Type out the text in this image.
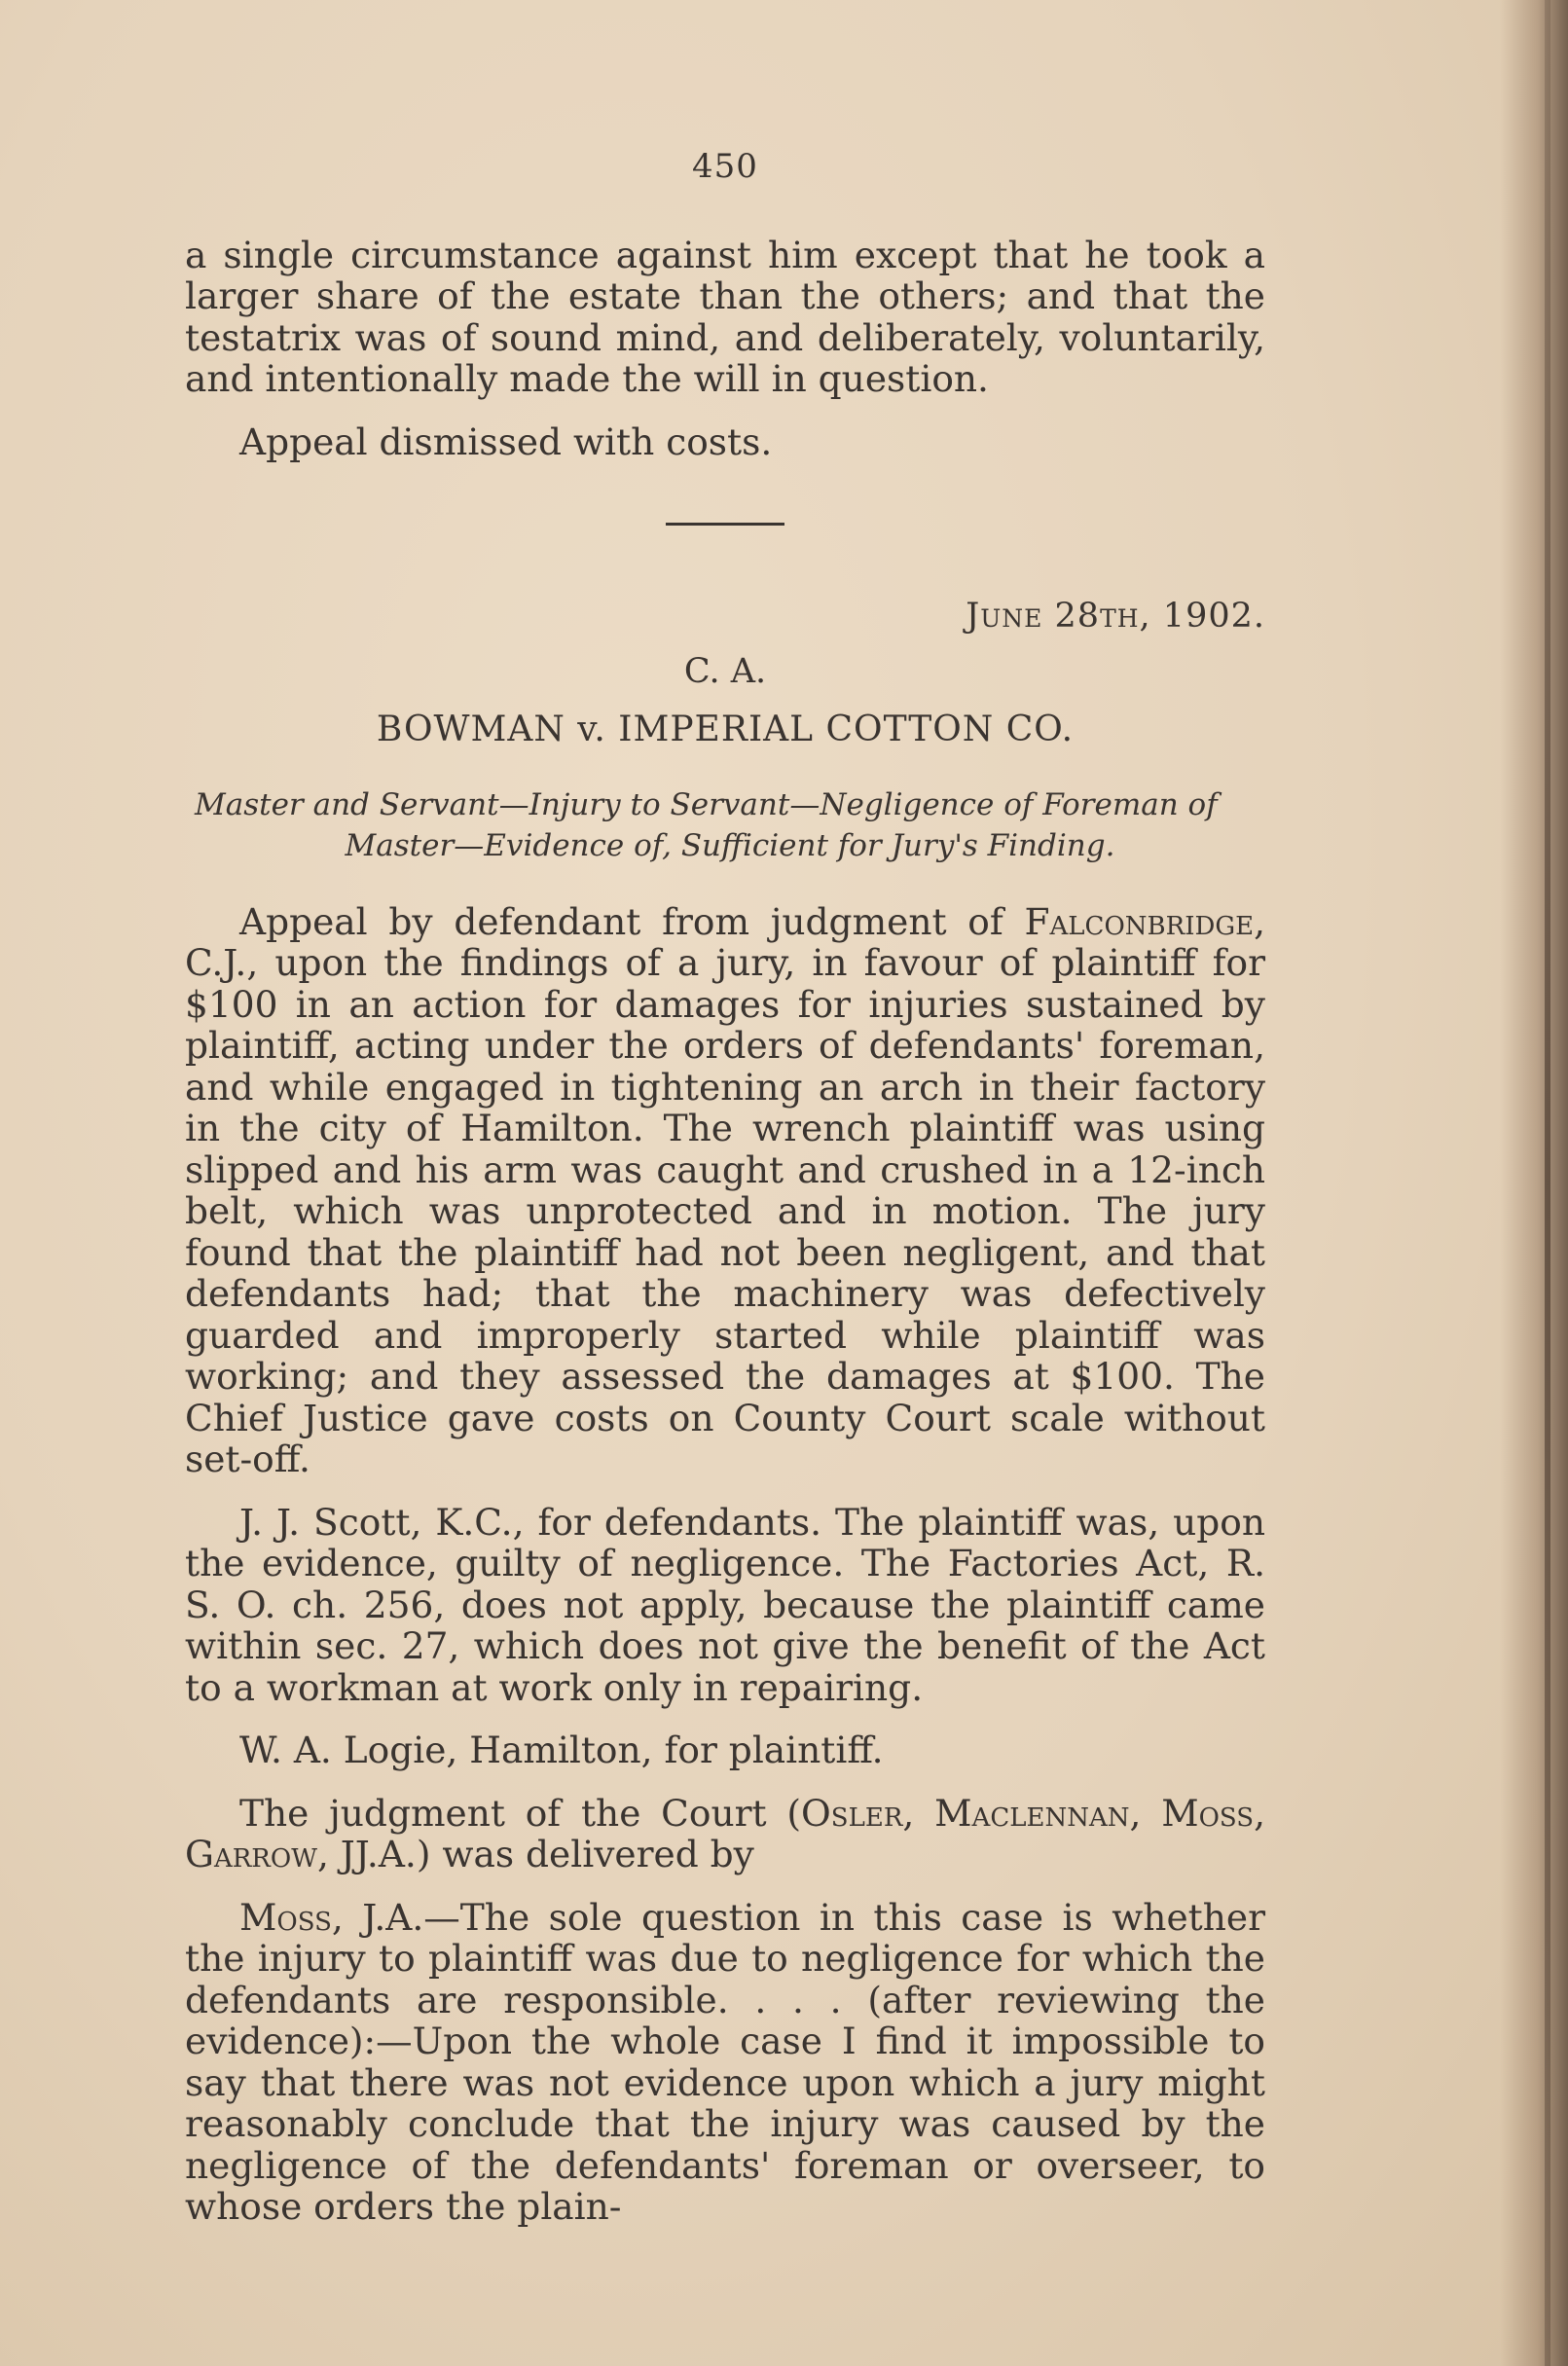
450

a single circumstance against him except that he took a larger share of the estate than the others; and that the testatrix was of sound mind, and deliberately, voluntarily, and intentionally made the will in question.

Appeal dismissed with costs.

June 28th, 1902.
C. A.
BOWMAN v. IMPERIAL COTTON CO.
Master and Servant—Injury to Servant—Negligence of Foreman of
Master—Evidence of, Sufficient for Jury's Finding.

Appeal by defendant from judgment of Falconbridge, C.J., upon the findings of a jury, in favour of plaintiff for $100 in an action for damages for injuries sustained by plaintiff, acting under the orders of defendants' foreman, and while engaged in tightening an arch in their factory in the city of Hamilton. The wrench plaintiff was using slipped and his arm was caught and crushed in a 12-inch belt, which was unprotected and in motion. The jury found that the plaintiff had not been negligent, and that defendants had; that the machinery was defectively guarded and improperly started while plaintiff was working; and they assessed the damages at $100. The Chief Justice gave costs on County Court scale without set-off.

J. J. Scott, K.C., for defendants. The plaintiff was, upon the evidence, guilty of negligence. The Factories Act, R. S. O. ch. 256, does not apply, because the plaintiff came within sec. 27, which does not give the benefit of the Act to a workman at work only in repairing.

W. A. Logie, Hamilton, for plaintiff.

The judgment of the Court (Osler, Maclennan, Moss, Garrow, JJ.A.) was delivered by

Moss, J.A.—The sole question in this case is whether the injury to plaintiff was due to negligence for which the defendants are responsible. . . . (after reviewing the evidence):—Upon the whole case I find it impossible to say that there was not evidence upon which a jury might reasonably conclude that the injury was caused by the negligence of the defendants' foreman or overseer, to whose orders the plain-
